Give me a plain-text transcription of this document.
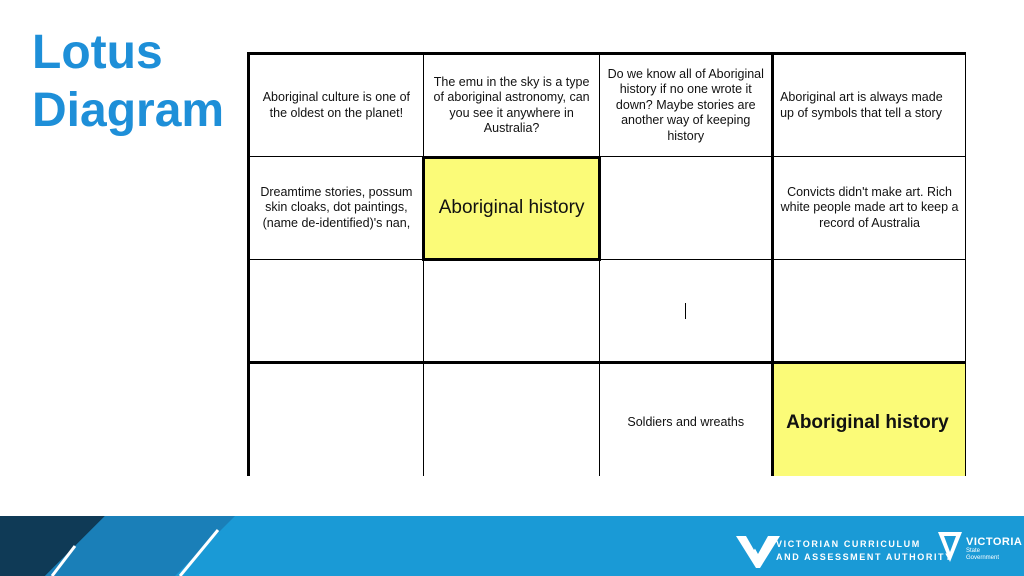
Lotus
Diagram	Aboriginal culture is one of the oldest on the planet!	The emu in the sky is a type of aboriginal astronomy, can you see it anywhere in Australia?	Do we know all of Aboriginal history if no one wrote it down? Maybe stories are another way of keeping history	Aboriginal art is always made up of symbols that tell a story

Dreamtime stories, possum skin cloaks, dot paintings, (name de-identified)'s nan,	Aboriginal history		Convicts didn't make art. Rich white people made art to keep a record of Australia

		Soldiers and wreaths	Aboriginal history
VICTORIAN CURRICULUM
AND ASSESSMENT AUTHORITY
VICTORIA
State
Government
